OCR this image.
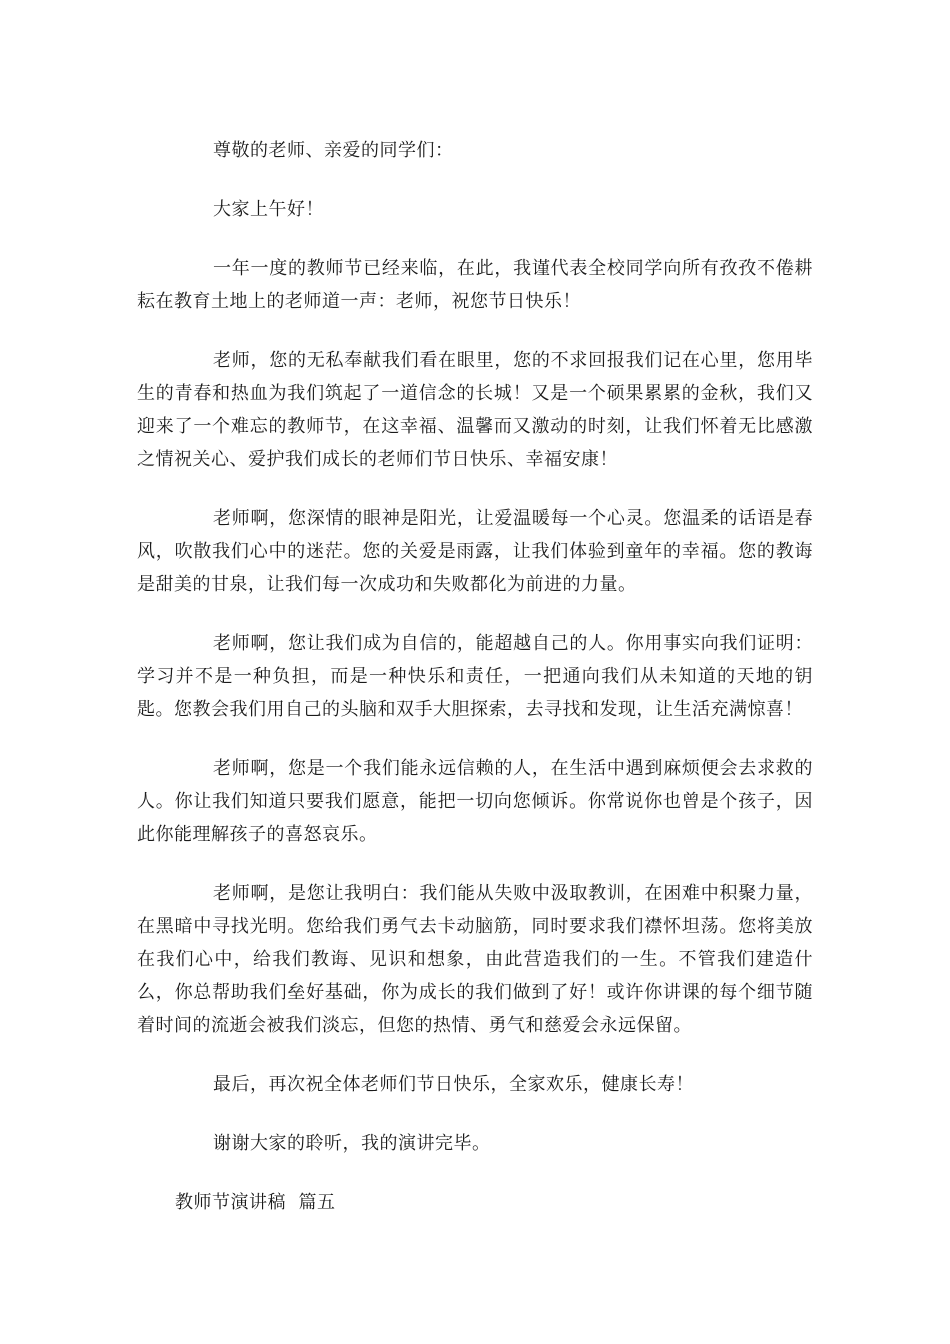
尊敬的老师、亲爱的同学们：

大家上午好！

一年一度的教师节已经来临，在此，我谨代表全校同学向所有孜孜不倦耕耘在教育土地上的老师道一声：老师，祝您节日快乐！

老师，您的无私奉献我们看在眼里，您的不求回报我们记在心里，您用毕生的青春和热血为我们筑起了一道信念的长城！又是一个硕果累累的金秋，我们又迎来了一个难忘的教师节，在这幸福、温馨而又激动的时刻，让我们怀着无比感激之情祝关心、爱护我们成长的老师们节日快乐、幸福安康！

老师啊，您深情的眼神是阳光，让爱温暖每一个心灵。您温柔的话语是春风，吹散我们心中的迷茫。您的关爱是雨露，让我们体验到童年的幸福。您的教诲是甜美的甘泉，让我们每一次成功和失败都化为前进的力量。

老师啊，您让我们成为自信的，能超越自己的人。你用事实向我们证明：学习并不是一种负担，而是一种快乐和责任，一把通向我们从未知道的天地的钥匙。您教会我们用自己的头脑和双手大胆探索，去寻找和发现，让生活充满惊喜！

老师啊，您是一个我们能永远信赖的人，在生活中遇到麻烦便会去求救的人。你让我们知道只要我们愿意，能把一切向您倾诉。你常说你也曾是个孩子，因此你能理解孩子的喜怒哀乐。

老师啊，是您让我明白：我们能从失败中汲取教训，在困难中积聚力量，在黑暗中寻找光明。您给我们勇气去卡动脑筋，同时要求我们襟怀坦荡。您将美放在我们心中，给我们教诲、见识和想象，由此营造我们的一生。不管我们建造什么，你总帮助我们垒好基础，你为成长的我们做到了好！或许你讲课的每个细节随着时间的流逝会被我们淡忘，但您的热情、勇气和慈爱会永远保留。

最后，再次祝全体老师们节日快乐，全家欢乐，健康长寿！

谢谢大家的聆听，我的演讲完毕。

教师节演讲稿  篇五
